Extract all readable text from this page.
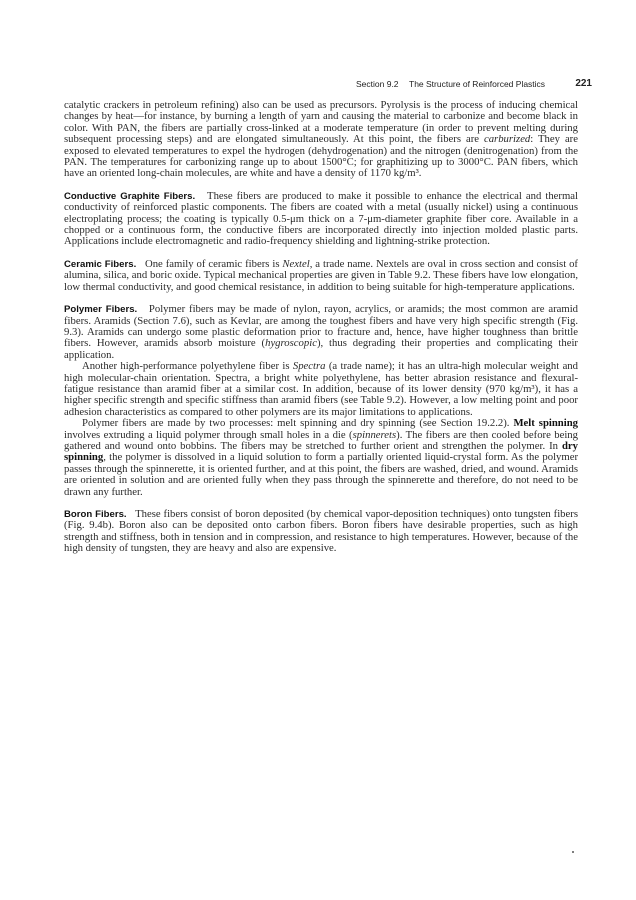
Section 9.2 The Structure of Reinforced Plastics	221

catalytic crackers in petroleum refining) also can be used as precursors. Pyrolysis is the process of inducing chemical changes by heat—for instance, by burning a length of yarn and causing the material to carbonize and become black in color. With PAN, the fibers are partially cross-linked at a moderate temperature (in order to prevent melting during subsequent processing steps) and are elongated simultaneously. At this point, the fibers are carburized: They are exposed to elevated temperatures to expel the hydrogen (dehydrogenation) and the nitrogen (denitrogenation) from the PAN. The temperatures for carbonizing range up to about 1500°C; for graphitizing up to 3000°C. PAN fibers, which have an oriented long-chain molecules, are white and have a density of 1170 kg/m³.

Conductive Graphite Fibers. These fibers are produced to make it possible to enhance the electrical and thermal conductivity of reinforced plastic components. The fibers are coated with a metal (usually nickel) using a continuous electroplating process; the coating is typically 0.5-μm thick on a 7-μm-diameter graphite fiber core. Available in a chopped or a continuous form, the conductive fibers are incorporated directly into injection molded plastic parts. Applications include electromagnetic and radio-frequency shielding and lightning-strike protection.

Ceramic Fibers. One family of ceramic fibers is Nextel, a trade name. Nextels are oval in cross section and consist of alumina, silica, and boric oxide. Typical mechanical properties are given in Table 9.2. These fibers have low elongation, low thermal conductivity, and good chemical resistance, in addition to being suitable for high-temperature applications.

Polymer Fibers. Polymer fibers may be made of nylon, rayon, acrylics, or aramids; the most common are aramid fibers. Aramids (Section 7.6), such as Kevlar, are among the toughest fibers and have very high specific strength (Fig. 9.3). Aramids can undergo some plastic deformation prior to fracture and, hence, have higher toughness than brittle fibers. However, aramids absorb moisture (hygroscopic), thus degrading their properties and complicating their application.

Another high-performance polyethylene fiber is Spectra (a trade name); it has an ultra-high molecular weight and high molecular-chain orientation. Spectra, a bright white polyethylene, has better abrasion resistance and flexural-fatigue resistance than aramid fiber at a similar cost. In addition, because of its lower density (970 kg/m³), it has a higher specific strength and specific stiffness than aramid fibers (see Table 9.2). However, a low melting point and poor adhesion characteristics as compared to other polymers are its major limitations to applications.

Polymer fibers are made by two processes: melt spinning and dry spinning (see Section 19.2.2). Melt spinning involves extruding a liquid polymer through small holes in a die (spinnerets). The fibers are then cooled before being gathered and wound onto bobbins. The fibers may be stretched to further orient and strengthen the polymer. In dry spinning, the polymer is dissolved in a liquid solution to form a partially oriented liquid-crystal form. As the polymer passes through the spinnerette, it is oriented further, and at this point, the fibers are washed, dried, and wound. Aramids are oriented in solution and are oriented fully when they pass through the spinnerette and therefore, do not need to be drawn any further.

Boron Fibers. These fibers consist of boron deposited (by chemical vapor-deposition techniques) onto tungsten fibers (Fig. 9.4b). Boron also can be deposited onto carbon fibers. Boron fibers have desirable properties, such as high strength and stiffness, both in tension and in compression, and resistance to high temperatures. However, because of the high density of tungsten, they are heavy and also are expensive.
